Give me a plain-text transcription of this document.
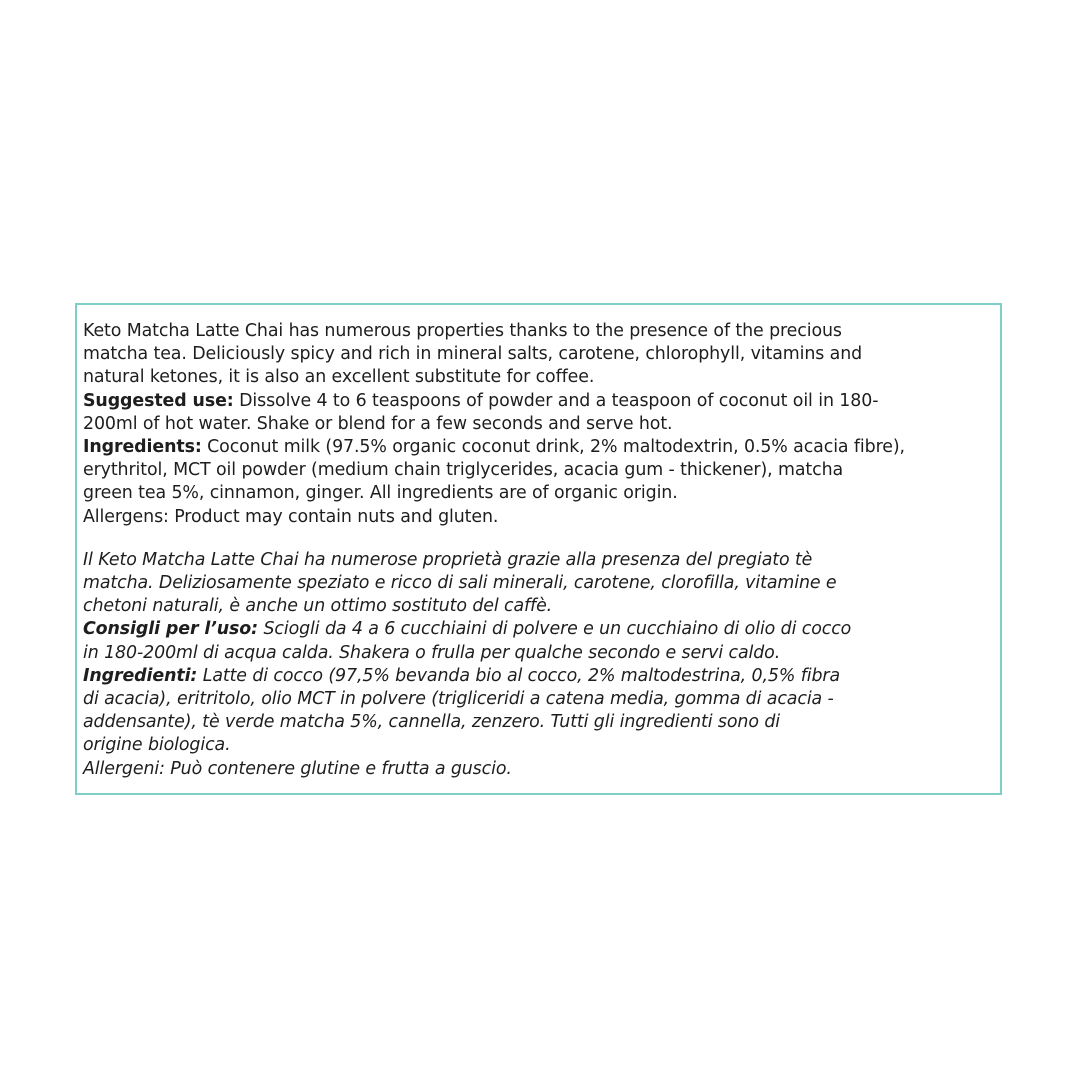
Keto Matcha Latte Chai has numerous properties thanks to the presence of the precious
matcha tea. Deliciously spicy and rich in mineral salts, carotene, chlorophyll, vitamins and
natural ketones, it is also an excellent substitute for coffee.
Suggested use: Dissolve 4 to 6 teaspoons of powder and a teaspoon of coconut oil in 180-
200ml of hot water. Shake or blend for a few seconds and serve hot.
Ingredients: Coconut milk (97.5% organic coconut drink, 2% maltodextrin, 0.5% acacia fibre),
erythritol, MCT oil powder (medium chain triglycerides, acacia gum - thickener), matcha
green tea 5%, cinnamon, ginger. All ingredients are of organic origin.
Allergens: Product may contain nuts and gluten.
Il Keto Matcha Latte Chai ha numerose proprietà grazie alla presenza del pregiato tè
matcha. Deliziosamente speziato e ricco di sali minerali, carotene, clorofilla, vitamine e
chetoni naturali, è anche un ottimo sostituto del caffè.
Consigli per l’uso: Sciogli da 4 a 6 cucchiaini di polvere e un cucchiaino di olio di cocco
in 180-200ml di acqua calda. Shakera o frulla per qualche secondo e servi caldo.
Ingredienti: Latte di cocco (97,5% bevanda bio al cocco, 2% maltodestrina, 0,5% fibra
di acacia), eritritolo, olio MCT in polvere (trigliceridi a catena media, gomma di acacia -
addensante), tè verde matcha 5%, cannella, zenzero. Tutti gli ingredienti sono di
origine biologica.
Allergeni: Può contenere glutine e frutta a guscio.
